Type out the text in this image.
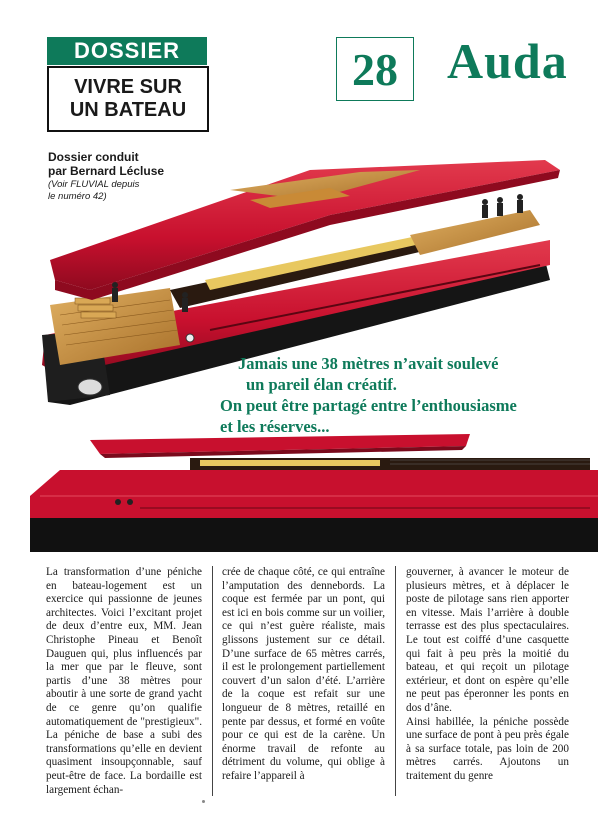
DOSSIER
VIVRE SUR
UN BATEAU
28 Auda
Dossier conduit
par Bernard Lécluse
(Voir FLUVIAL depuis
le numéro 42)
Jamais une 38 mètres n’avait soulevé
un pareil élan créatif.
On peut être partagé entre l’enthousiasme
et les réserves...

La transformation d’une péniche en bateau-logement est un exercice qui passionne de jeunes architectes. Voici l’excitant projet de deux d’entre eux, MM. Jean Christophe Pineau et Benoît Dauguen qui, plus influencés par la mer que par le fleuve, sont partis d’une 38 mètres pour aboutir à une sorte de grand yacht de ce genre qu’on qualifie automatiquement de "prestigieux". La péniche de base a subi des transformations qu’elle en devient quasiment insoupçonnable, sauf peut-être de face. La bordaille est largement échan-

crée de chaque côté, ce qui entraîne l’amputation des dennebords. La coque est fermée par un pont, qui est ici en bois comme sur un voilier, ce qui n’est guère réaliste, mais glissons justement sur ce détail. D’une surface de 65 mètres carrés, il est le prolongement partiellement couvert d’un salon d’été. L’arrière de la coque est refait sur une longueur de 8 mètres, retaillé en pente par dessus, et formé en voûte pour ce qui est de la carène. Un énorme travail de refonte au détriment du volume, qui oblige à refaire l’appareil à

gouverner, à avancer le moteur de plusieurs mètres, et à déplacer le poste de pilotage sans rien apporter en vitesse. Mais l’arrière à double terrasse est des plus spectaculaires. Le tout est coiffé d’une casquette qui fait à peu près la moitié du bateau, et qui reçoit un pilotage extérieur, et dont on espère qu’elle ne peut pas éperonner les ponts en dos d’âne.

Ainsi habillée, la péniche possède une surface de pont à peu près égale à sa surface totale, pas loin de 200 mètres carrés. Ajoutons un traitement du genre
